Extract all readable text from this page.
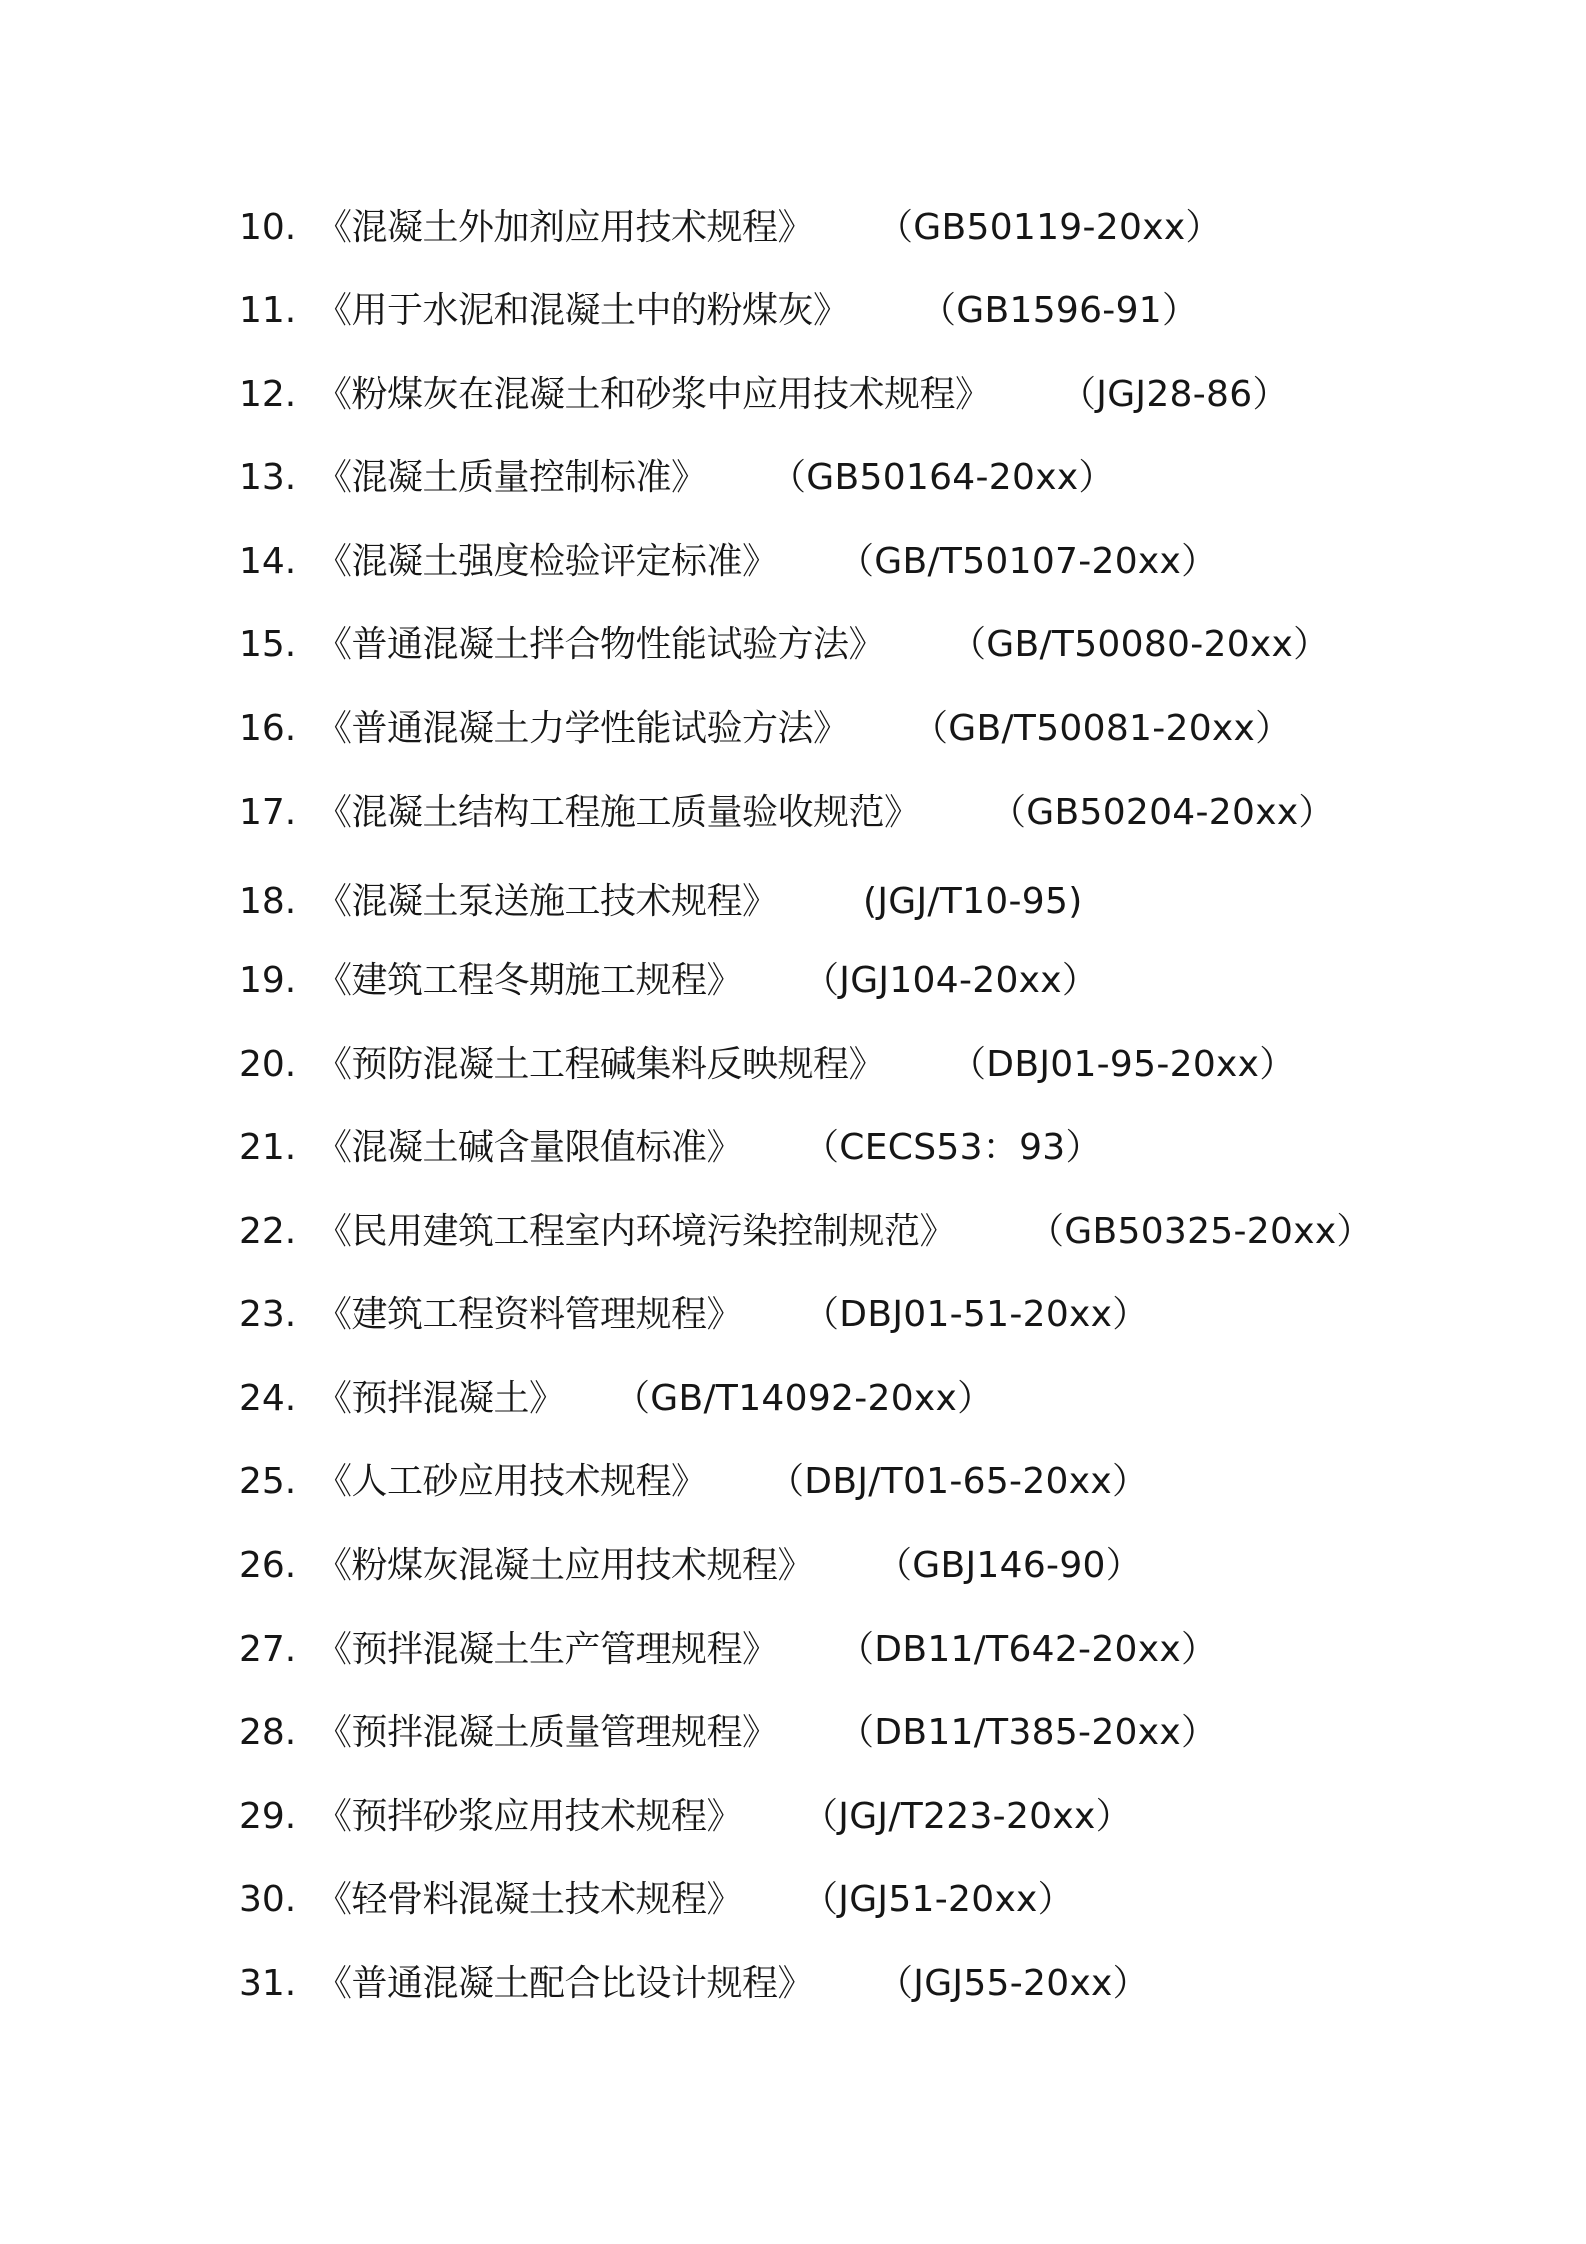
10. 《混凝土外加剂应用技术规程》 （GB50119-20xx）
11. 《用于水泥和混凝土中的粉煤灰》 （GB1596-91）
12. 《粉煤灰在混凝土和砂浆中应用技术规程》 （JGJ28-86）
13. 《混凝土质量控制标准》 （GB50164-20xx）
14. 《混凝土强度检验评定标准》 （GB/T50107-20xx）
15. 《普通混凝土拌合物性能试验方法》 （GB/T50080-20xx）
16. 《普通混凝土力学性能试验方法》 （GB/T50081-20xx）
17. 《混凝土结构工程施工质量验收规范》 （GB50204-20xx）
18. 《混凝土泵送施工技术规程》 (JGJ/T10-95)
19. 《建筑工程冬期施工规程》 （JGJ104-20xx）
20. 《预防混凝土工程碱集料反映规程》 （DBJ01-95-20xx）
21. 《混凝土碱含量限值标准》 （CECS53：93）
22. 《民用建筑工程室内环境污染控制规范》 （GB50325-20xx）
23. 《建筑工程资料管理规程》 （DBJ01-51-20xx）
24. 《预拌混凝土》 （GB/T14092-20xx）
25. 《人工砂应用技术规程》 （DBJ/T01-65-20xx）
26. 《粉煤灰混凝土应用技术规程》 （GBJ146-90）
27. 《预拌混凝土生产管理规程》 （DB11/T642-20xx）
28. 《预拌混凝土质量管理规程》 （DB11/T385-20xx）
29. 《预拌砂浆应用技术规程》 （JGJ/T223-20xx）
30. 《轻骨料混凝土技术规程》 （JGJ51-20xx）
31. 《普通混凝土配合比设计规程》 （JGJ55-20xx）
